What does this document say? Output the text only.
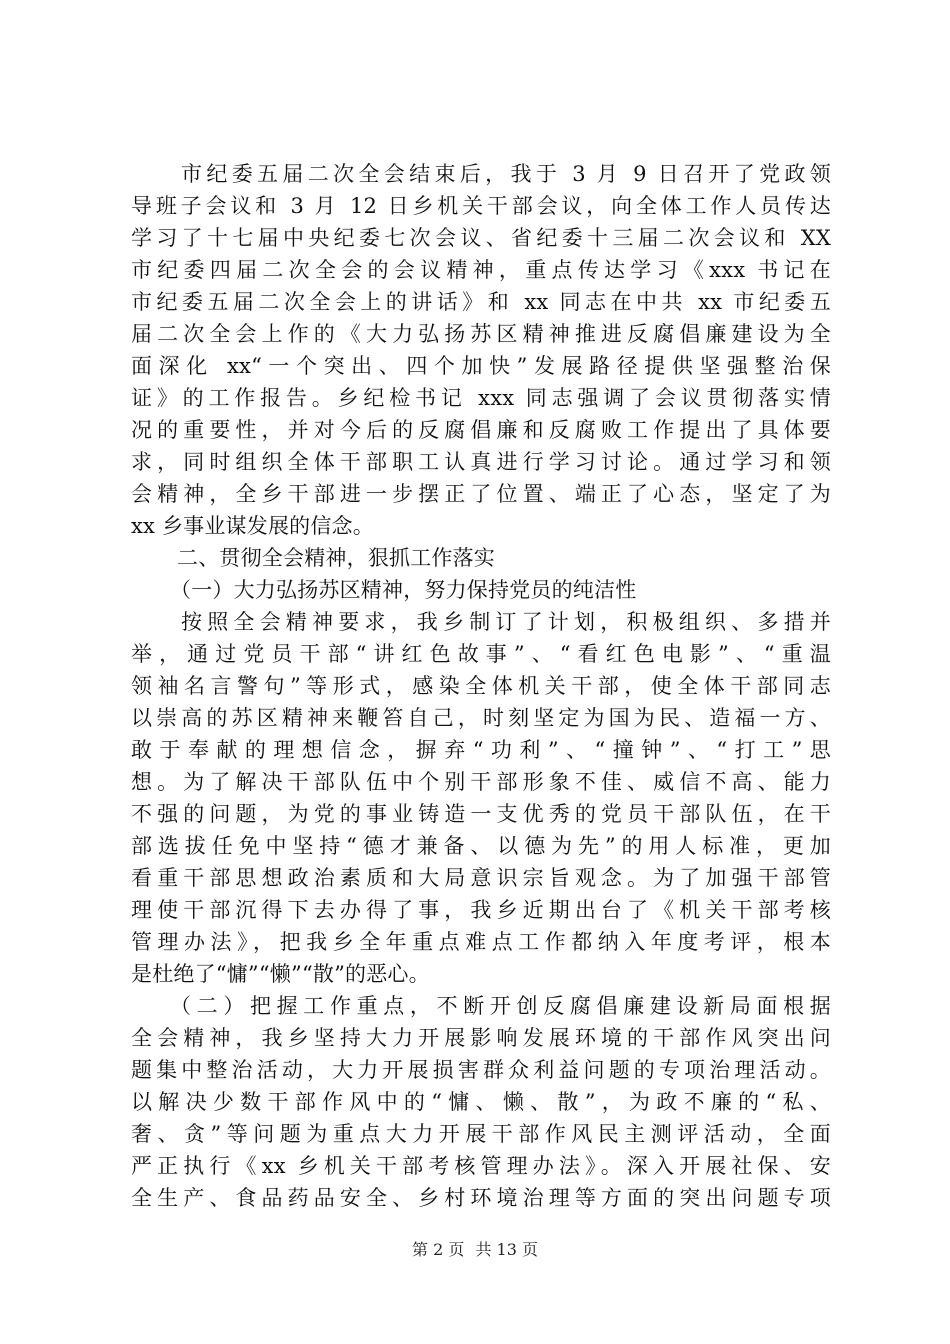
市纪委五届二次全会结束后，我于 3 月 9 日召开了党政领
导班子会议和 3 月 12 日乡机关干部会议，向全体工作人员传达
学习了十七届中央纪委七次会议、省纪委十三届二次会议和 XX
市纪委四届二次全会的会议精神，重点传达学习《xxx 书记在
市纪委五届二次全会上的讲话》和 xx 同志在中共 xx 市纪委五
届二次全会上作的《大力弘扬苏区精神推进反腐倡廉建设为全
面深化 xx“一个突出、四个加快”发展路径提供坚强整治保
证》的工作报告。乡纪检书记 xxx 同志强调了会议贯彻落实情
况的重要性，并对今后的反腐倡廉和反腐败工作提出了具体要
求，同时组织全体干部职工认真进行学习讨论。通过学习和领
会精神，全乡干部进一步摆正了位置、端正了心态，坚定了为
xx 乡事业谋发展的信念。
二、贯彻全会精神，狠抓工作落实
（一）大力弘扬苏区精神，努力保持党员的纯洁性
按照全会精神要求，我乡制订了计划，积极组织、多措并
举，通过党员干部“讲红色故事”、“看红色电影”、“重温
领袖名言警句”等形式，感染全体机关干部，使全体干部同志
以崇高的苏区精神来鞭笞自己，时刻坚定为国为民、造福一方、
敢于奉献的理想信念，摒弃“功利”、“撞钟”、“打工”思
想。为了解决干部队伍中个别干部形象不佳、威信不高、能力
不强的问题，为党的事业铸造一支优秀的党员干部队伍，在干
部选拔任免中坚持“德才兼备、以德为先”的用人标准，更加
看重干部思想政治素质和大局意识宗旨观念。为了加强干部管
理使干部沉得下去办得了事，我乡近期出台了《机关干部考核
管理办法》，把我乡全年重点难点工作都纳入年度考评，根本
是杜绝了“慵”“懒”“散”的恶心。
（二）把握工作重点，不断开创反腐倡廉建设新局面根据
全会精神，我乡坚持大力开展影响发展环境的干部作风突出问
题集中整治活动，大力开展损害群众利益问题的专项治理活动。
以解决少数干部作风中的“慵、懒、散”，为政不廉的“私、
奢、贪”等问题为重点大力开展干部作风民主测评活动，全面
严正执行《xx 乡机关干部考核管理办法》。深入开展社保、安
全生产、食品药品安全、乡村环境治理等方面的突出问题专项
第 2 页 共 13 页
